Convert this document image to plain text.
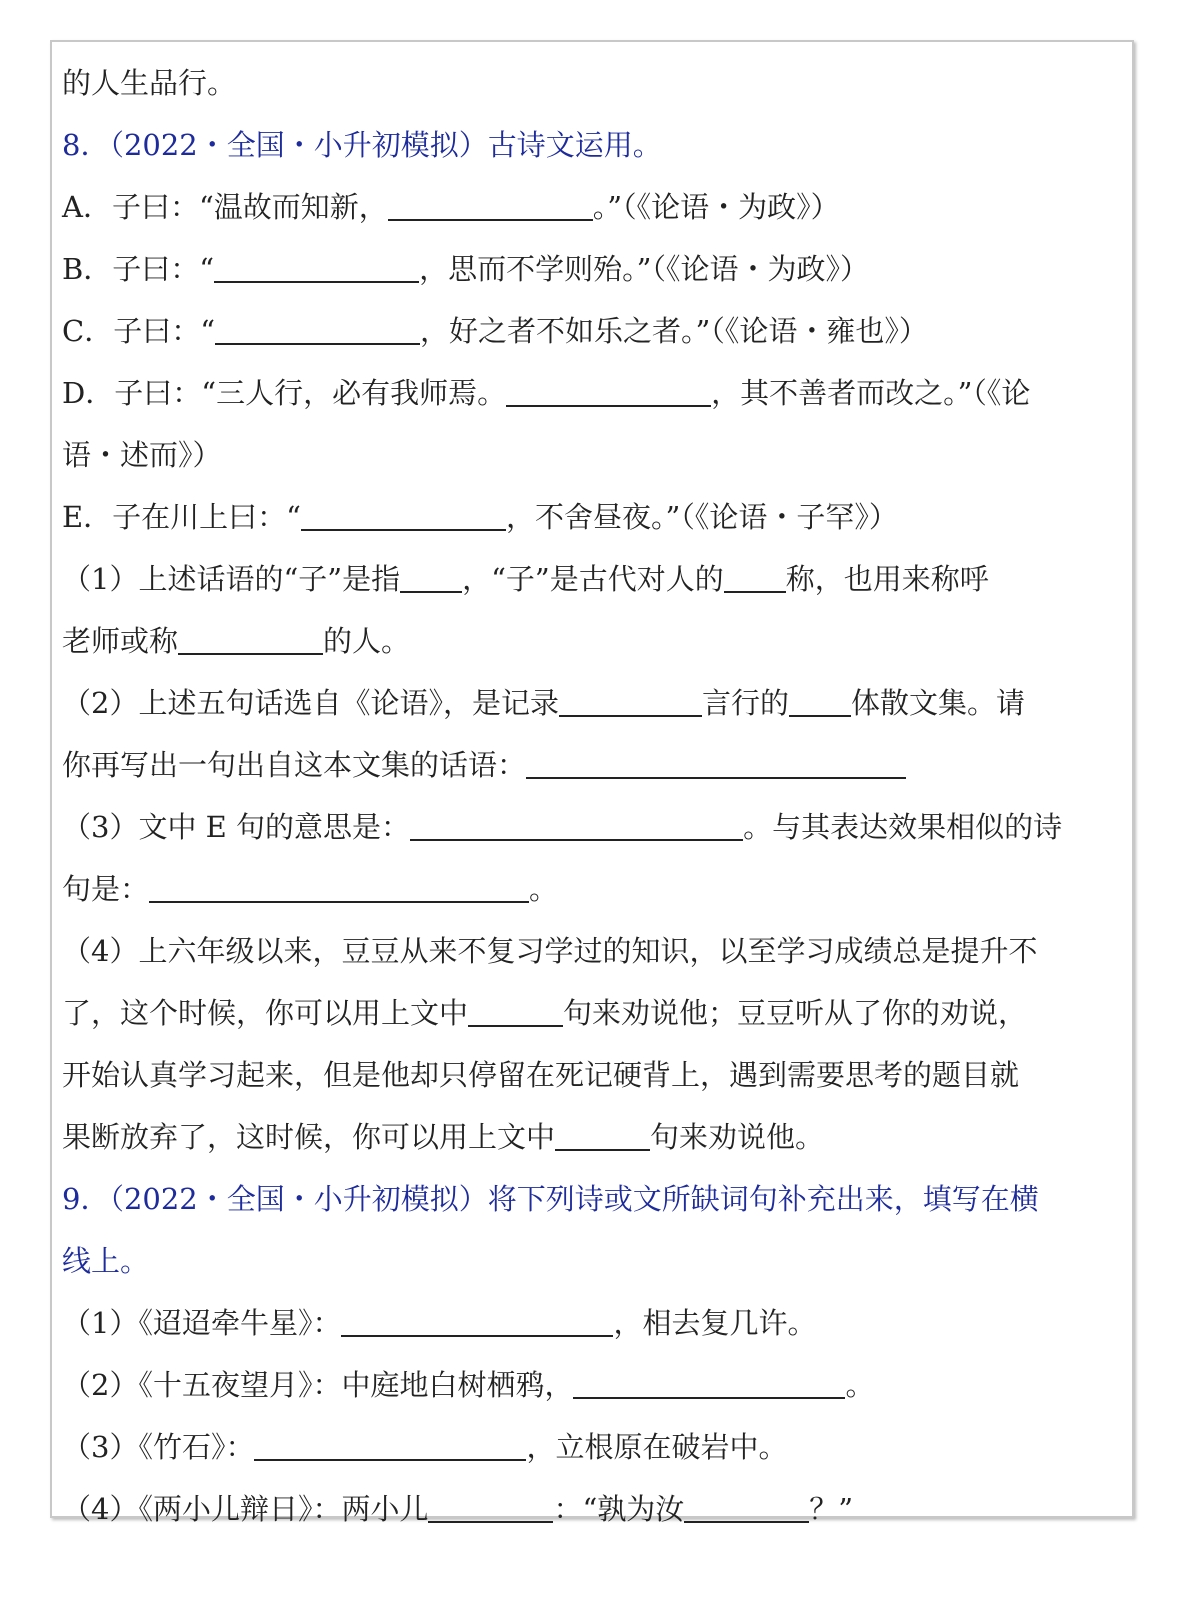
的人生品行。
8．（2022・全国・小升初模拟）古诗文运用。
A．子曰：“温故而知新，	。”（《论语・为政》）
B．子曰：“	，思而不学则殆。”（《论语・为政》）
C．子曰：“	，好之者不如乐之者。”（《论语・雍也》）
D．子曰：“三人行，必有我师焉。	，其不善者而改之。”（《论
语・述而》）
E．子在川上曰：“	，不舍昼夜。”（《论语・子罕》）
（1）上述话语的“子”是指 ，“子”是古代对人的 称，也用来称呼
老师或称	的人。
（2）上述五句话选自《论语》，是记录	言行的 体散文集。请
你再写出一句出自这本文集的话语：
（3）文中 E 句的意思是：	。与其表达效果相似的诗
句是：	。
（4）上六年级以来，豆豆从来不复习学过的知识，以至学习成绩总是提升不
了，这个时候，你可以用上文中	句来劝说他；豆豆听从了你的劝说，
开始认真学习起来，但是他却只停留在死记硬背上，遇到需要思考的题目就
果断放弃了，这时候，你可以用上文中	句来劝说他。
9．（2022・全国・小升初模拟）将下列诗或文所缺词句补充出来，填写在横
线上。
（1）《迢迢牵牛星》：	，相去复几许。
（2）《十五夜望月》：中庭地白树栖鸦，	。
（3）《竹石》：	，立根原在破岩中。
（4）《两小儿辩日》：两小儿	：“孰为汝	？”
